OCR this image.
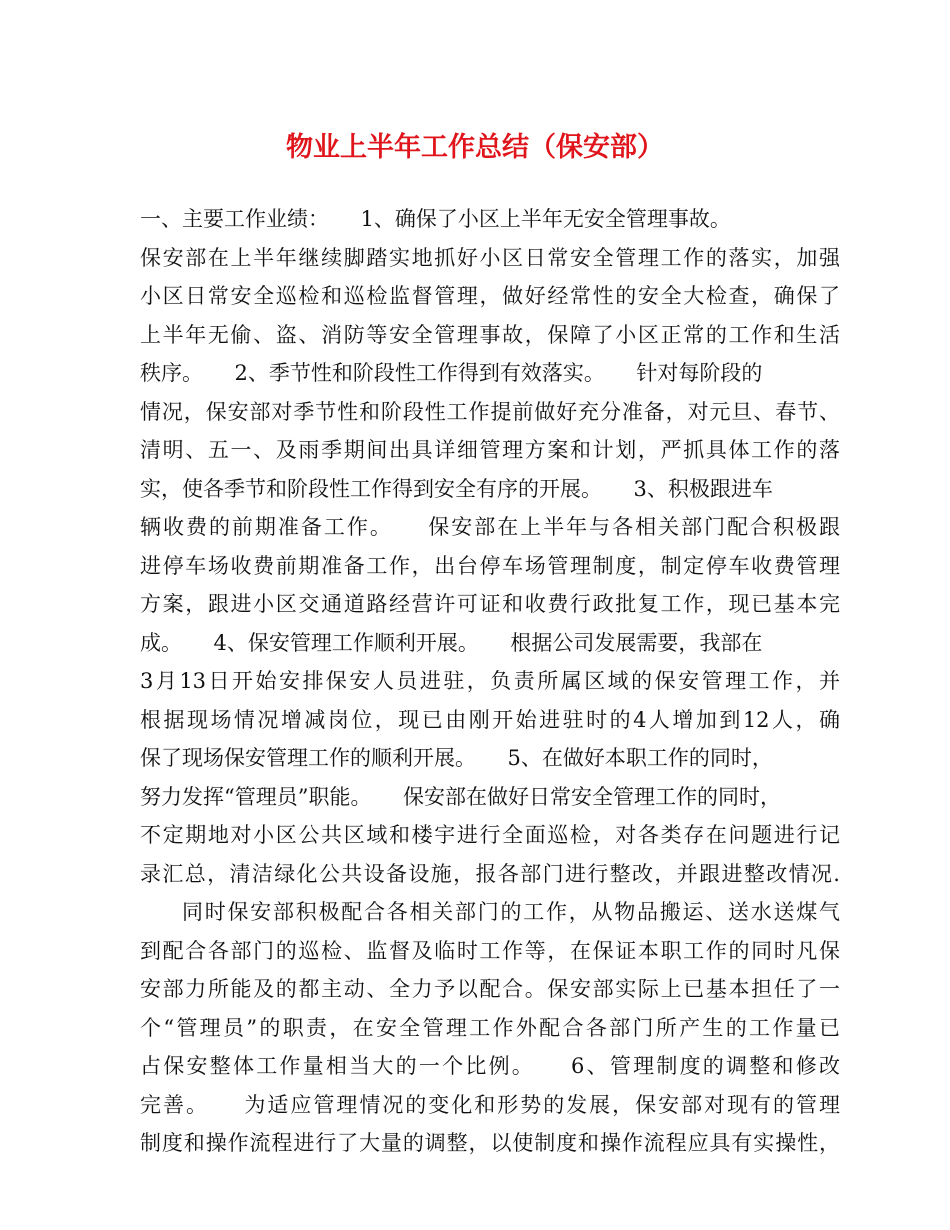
物业上半年工作总结（保安部）
一、主要工作业绩：　　1、确保了小区上半年无安全管理事故。
保安部在上半年继续脚踏实地抓好小区日常安全管理工作的落实，加强
小区日常安全巡检和巡检监督管理，做好经常性的安全大检查，确保了
上半年无偷、盗、消防等安全管理事故，保障了小区正常的工作和生活
秩序。　　2、季节性和阶段性工作得到有效落实。　　针对每阶段的
情况，保安部对季节性和阶段性工作提前做好充分准备，对元旦、春节、
清明、五一、及雨季期间出具详细管理方案和计划，严抓具体工作的落
实，使各季节和阶段性工作得到安全有序的开展。　　3、积极跟进车
辆收费的前期准备工作。　　保安部在上半年与各相关部门配合积极跟
进停车场收费前期准备工作，出台停车场管理制度，制定停车收费管理
方案，跟进小区交通道路经营许可证和收费行政批复工作，现已基本完
成。　　4、保安管理工作顺利开展。　　根据公司发展需要，我部在
3月13日开始安排保安人员进驻，负责所属区域的保安管理工作，并
根据现场情况增减岗位，现已由刚开始进驻时的4人增加到12人，确
保了现场保安管理工作的顺利开展。　　5、在做好本职工作的同时，
努力发挥“管理员”职能。　　保安部在做好日常安全管理工作的同时，
不定期地对小区公共区域和楼宇进行全面巡检，对各类存在问题进行记
录汇总，清洁绿化公共设备设施，报各部门进行整改，并跟进整改情况.
同时保安部积极配合各相关部门的工作，从物品搬运、送水送煤气
到配合各部门的巡检、监督及临时工作等，在保证本职工作的同时凡保
安部力所能及的都主动、全力予以配合。保安部实际上已基本担任了一
个“管理员”的职责，在安全管理工作外配合各部门所产生的工作量已
占保安整体工作量相当大的一个比例。　　6、管理制度的调整和修改
完善。　　为适应管理情况的变化和形势的发展，保安部对现有的管理
制度和操作流程进行了大量的调整，以使制度和操作流程应具有实操性，
